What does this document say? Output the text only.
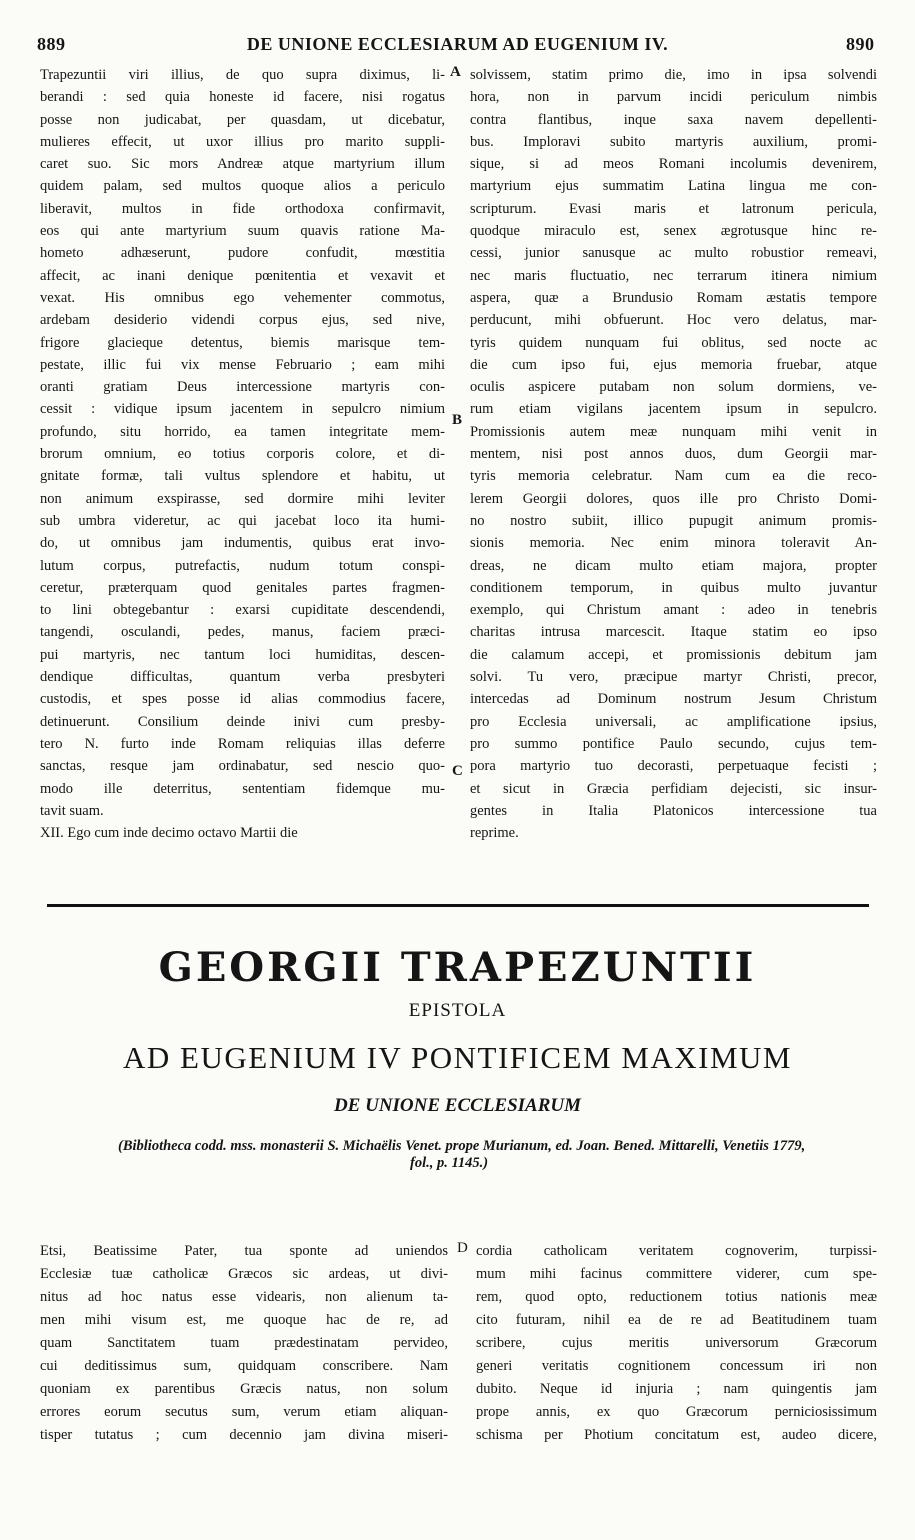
889	DE UNIONE ECCLESIARUM AD EUGENIUM IV.	890
Trapezuntii viri illius, de quo supra diximus, li-
berandi : sed quia honeste id facere, nisi rogatus
posse non judicabat, per quasdam, ut dicebatur,
mulieres effecit, ut uxor illius pro marito suppli-
caret suo. Sic mors Andreæ atque martyrium illum
quidem palam, sed multos quoque alios a periculo
liberavit, multos in fide orthodoxa confirmavit,
eos qui ante martyrium suum quavis ratione Ma-
hometo adhæserunt, pudore confudit, mœstitia
affecit, ac inani denique pœnitentia et vexavit et
vexat. His omnibus ego vehementer commotus,
ardebam desiderio videndi corpus ejus, sed nive,
frigore glacieque detentus, biemis marisque tem-
pestate, illic fui vix mense Februario ; eam mihi
oranti gratiam Deus intercessione martyris con-
cessit : vidique ipsum jacentem in sepulcro nimium
profundo, situ horrido, ea tamen integritate mem-
brorum omnium, eo totius corporis colore, et di-
gnitate formæ, tali vultus splendore et habitu, ut
non animum exspirasse, sed dormire mihi leviter
sub umbra videretur, ac qui jacebat loco ita humi-
do, ut omnibus jam indumentis, quibus erat invo-
lutum corpus, putrefactis, nudum totum conspi-
ceretur, præterquam quod genitales partes fragmen-
to lini obtegebantur : exarsi cupiditate descendendi,
tangendi, osculandi, pedes, manus, faciem præci-
pui martyris, nec tantum loci humiditas, descen-
dendique difficultas, quantum verba presbyteri
custodis, et spes posse id alias commodius facere,
detinuerunt. Consilium deinde inivi cum presby-
tero N. furto inde Romam reliquias illas deferre
sanctas, resque jam ordinabatur, sed nescio quo-
modo ille deterritus, sententiam fidemque mu-
tavit suam.
XII. Ego cum inde decimo octavo Martii die
solvissem, statim primo die, imo in ipsa solvendi
hora, non in parvum incidi periculum nimbis
contra flantibus, inque saxa navem depellenti-
bus. Imploravi subito martyris auxilium, promi-
sique, si ad meos Romani incolumis devenirem,
martyrium ejus summatim Latina lingua me con-
scripturum. Evasi maris et latronum pericula,
quodque miraculo est, senex ægrotusque hinc re-
cessi, junior sanusque ac multo robustior remeavi,
nec maris fluctuatio, nec terrarum itinera nimium
aspera, quæ a Brundusio Romam æstatis tempore
perducunt, mihi obfuerunt. Hoc vero delatus, mar-
tyris quidem nunquam fui oblitus, sed nocte ac
die cum ipso fui, ejus memoria fruebar, atque
oculis aspicere putabam non solum dormiens, ve-
rum etiam vigilans jacentem ipsum in sepulcro.
Promissionis autem meæ nunquam mihi venit in
mentem, nisi post annos duos, dum Georgii mar-
tyris memoria celebratur. Nam cum ea die reco-
lerem Georgii dolores, quos ille pro Christo Domi-
no nostro subiit, illico pupugit animum promis-
sionis memoria. Nec enim minora toleravit An-
dreas, ne dicam multo etiam majora, propter
conditionem temporum, in quibus multo juvantur
exemplo, qui Christum amant : adeo in tenebris
charitas intrusa marcescit. Itaque statim eo ipso
die calamum accepi, et promissionis debitum jam
solvi. Tu vero, præcipue martyr Christi, precor,
intercedas ad Dominum nostrum Jesum Christum
pro Ecclesia universali, ac amplificatione ipsius,
pro summo pontifice Paulo secundo, cujus tem-
pora martyrio tuo decorasti, perpetuaque fecisti ;
et sicut in Græcia perfidiam dejecisti, sic insur-
gentes in Italia Platonicos intercessione tua
reprime.
A
B
C
D
GEORGII TRAPEZUNTII
EPISTOLA
AD EUGENIUM IV PONTIFICEM MAXIMUM
DE UNIONE ECCLESIARUM
(Bibliotheca codd. mss. monasterii S. Michaëlis Venet. prope Murianum, ed. Joan. Bened. Mittarelli, Venetiis 1779,
fol., p. 1145.)
Etsi, Beatissime Pater, tua sponte ad uniendos
Ecclesiæ tuæ catholicæ Græcos sic ardeas, ut divi-
nitus ad hoc natus esse videaris, non alienum ta-
men mihi visum est, me quoque hac de re, ad
quam Sanctitatem tuam prædestinatam pervideo,
cui deditissimus sum, quidquam conscribere. Nam
quoniam ex parentibus Græcis natus, non solum
errores eorum secutus sum, verum etiam aliquan-
tisper tutatus ; cum decennio jam divina miseri-
cordia catholicam veritatem cognoverim, turpissi-
mum mihi facinus committere viderer, cum spe-
rem, quod opto, reductionem totius nationis meæ
cito futuram, nihil ea de re ad Beatitudinem tuam
scribere, cujus meritis universorum Græcorum
generi veritatis cognitionem concessum iri non
dubito. Neque id injuria ; nam quingentis jam
prope annis, ex quo Græcorum perniciosissimum
schisma per Photium concitatum est, audeo dicere,
